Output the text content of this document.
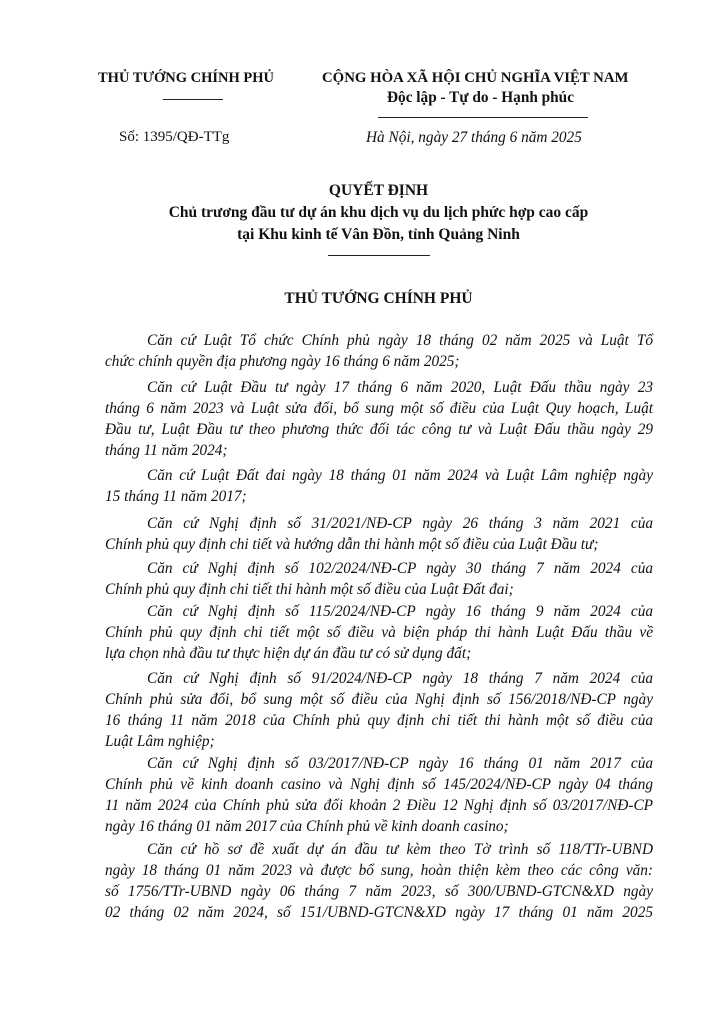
THỦ TƯỚNG CHÍNH PHỦ
Số: 1395/QĐ-TTg
CỘNG HÒA XÃ HỘI CHỦ NGHĨA VIỆT NAM
Độc lập - Tự do - Hạnh phúc
Hà Nội, ngày 27 tháng 6 năm 2025
QUYẾT ĐỊNH
Chủ trương đầu tư dự án khu dịch vụ du lịch phức hợp cao cấp
tại Khu kinh tế Vân Đồn, tỉnh Quảng Ninh
THỦ TƯỚNG CHÍNH PHỦ
Căn cứ Luật Tổ chức Chính phủ ngày 18 tháng 02 năm 2025 và Luật Tổ
chức chính quyền địa phương ngày 16 tháng 6 năm 2025;
Căn cứ Luật Đầu tư ngày 17 tháng 6 năm 2020, Luật Đấu thầu ngày 23
tháng 6 năm 2023 và Luật sửa đổi, bổ sung một số điều của Luật Quy hoạch, Luật
Đầu tư, Luật Đầu tư theo phương thức đối tác công tư và Luật Đấu thầu ngày 29
tháng 11 năm 2024;
Căn cứ Luật Đất đai ngày 18 tháng 01 năm 2024 và Luật Lâm nghiệp ngày
15 tháng 11 năm 2017;
Căn cứ Nghị định số 31/2021/NĐ-CP ngày 26 tháng 3 năm 2021 của
Chính phủ quy định chi tiết và hướng dẫn thi hành một số điều của Luật Đầu tư;
Căn cứ Nghị định số 102/2024/NĐ-CP ngày 30 tháng 7 năm 2024 của
Chính phủ quy định chi tiết thi hành một số điều của Luật Đất đai;
Căn cứ Nghị định số 115/2024/NĐ-CP ngày 16 tháng 9 năm 2024 của
Chính phủ quy định chi tiết một số điều và biện pháp thi hành Luật Đấu thầu về
lựa chọn nhà đầu tư thực hiện dự án đầu tư có sử dụng đất;
Căn cứ Nghị định số 91/2024/NĐ-CP ngày 18 tháng 7 năm 2024 của
Chính phủ sửa đổi, bổ sung một số điều của Nghị định số 156/2018/NĐ-CP ngày
16 tháng 11 năm 2018 của Chính phủ quy định chi tiết thi hành một số điều của
Luật Lâm nghiệp;
Căn cứ Nghị định số 03/2017/NĐ-CP ngày 16 tháng 01 năm 2017 của
Chính phủ về kinh doanh casino và Nghị định số 145/2024/NĐ-CP ngày 04 tháng
11 năm 2024 của Chính phủ sửa đổi khoản 2 Điều 12 Nghị định số 03/2017/NĐ-CP
ngày 16 tháng 01 năm 2017 của Chính phủ về kinh doanh casino;
Căn cứ hồ sơ đề xuất dự án đầu tư kèm theo Tờ trình số 118/TTr-UBND
ngày 18 tháng 01 năm 2023 và được bổ sung, hoàn thiện kèm theo các công văn:
số 1756/TTr-UBND ngày 06 tháng 7 năm 2023, số 300/UBND-GTCN&XD ngày
02 tháng 02 năm 2024, số 151/UBND-GTCN&XD ngày 17 tháng 01 năm 2025
